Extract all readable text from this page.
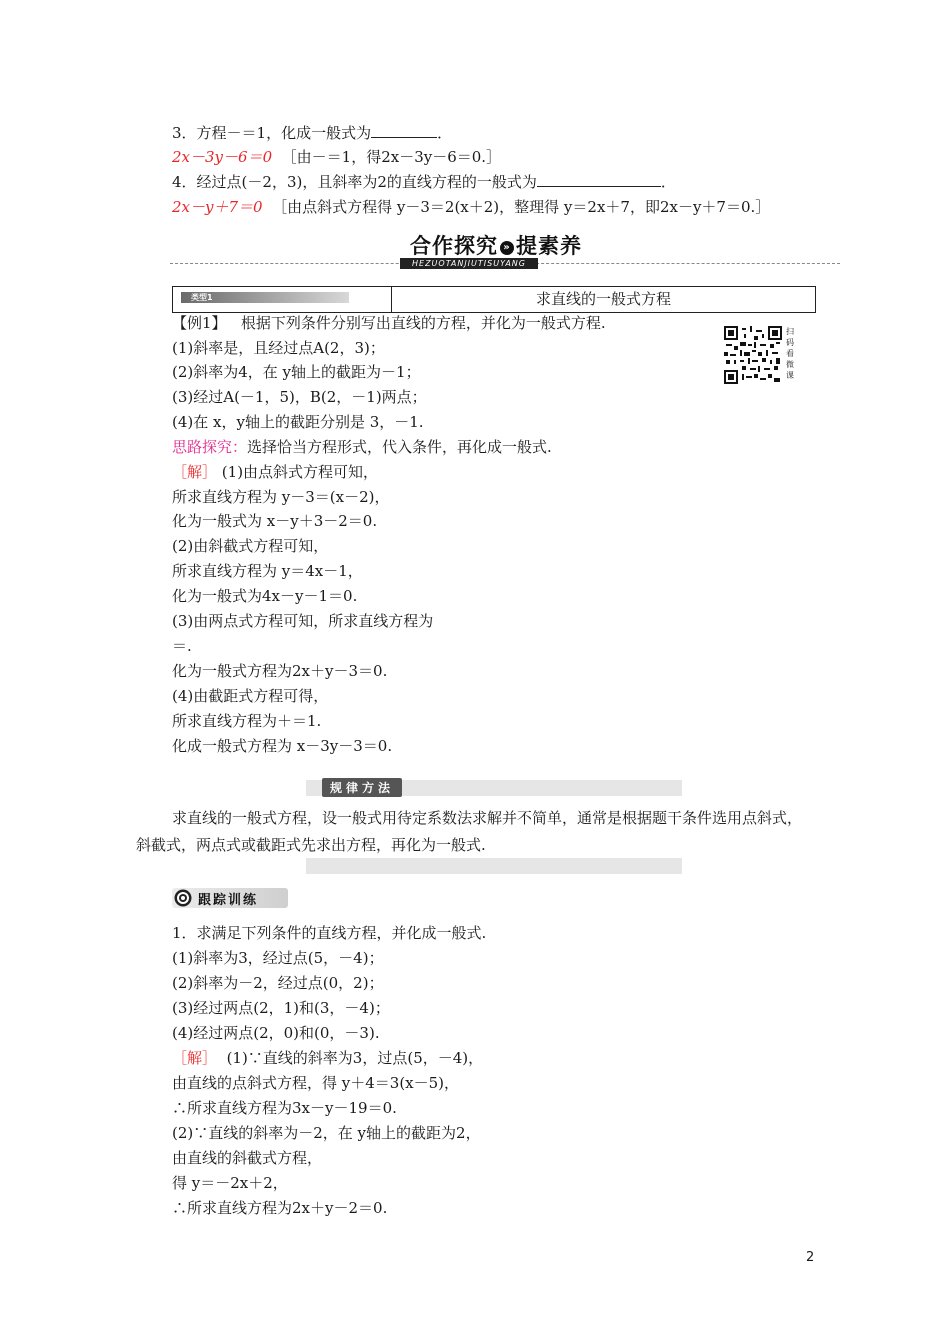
3．方程－＝1，化成一般式为	．
2x－3y－6＝0 ［由－＝1，得2x－3y－6＝0.］
4．经过点(－2，3)，且斜率为2的直线方程的一般式为	．
2x－y＋7＝0 ［由点斜式方程得 y－3＝2(x＋2)，整理得 y＝2x＋7，即2x－y＋7＝0.］
合作探究 » 提素养
HEZUOTANJIUTISUYANG
类型1	求直线的一般式方程
扫码看微课
【例1】 根据下列条件分别写出直线的方程，并化为一般式方程.
(1)斜率是，且经过点A(2，3)；
(2)斜率为4，在 y轴上的截距为－1；
(3)经过A(－1，5)，B(2，－1)两点；
(4)在 x，y轴上的截距分别是 3，－1.
思路探究：选择恰当方程形式，代入条件，再化成一般式.
［解］ (1)由点斜式方程可知，
所求直线方程为 y－3＝(x－2)，
化为一般式为 x－y＋3－2＝0.
(2)由斜截式方程可知，
所求直线方程为 y＝4x－1，
化为一般式为4x－y－1＝0.
(3)由两点式方程可知，所求直线方程为
＝.
化为一般式方程为2x＋y－3＝0.
(4)由截距式方程可得，
所求直线方程为＋＝1.
化成一般式方程为 x－3y－3＝0.
规律方法
求直线的一般式方程，设一般式用待定系数法求解并不简单，通常是根据题干条件选用点斜式，斜截式，两点式或截距式先求出方程，再化为一般式.
跟踪训练
1．求满足下列条件的直线方程，并化成一般式.
(1)斜率为3，经过点(5，－4)；
(2)斜率为－2，经过点(0，2)；
(3)经过两点(2，1)和(3，－4)；
(4)经过两点(2，0)和(0，－3).
［解］ (1)∵直线的斜率为3，过点(5，－4)，
由直线的点斜式方程，得 y＋4＝3(x－5)，
∴所求直线方程为3x－y－19＝0.
(2)∵直线的斜率为－2，在 y轴上的截距为2，
由直线的斜截式方程，
得 y＝－2x＋2，
∴所求直线方程为2x＋y－2＝0.
2
